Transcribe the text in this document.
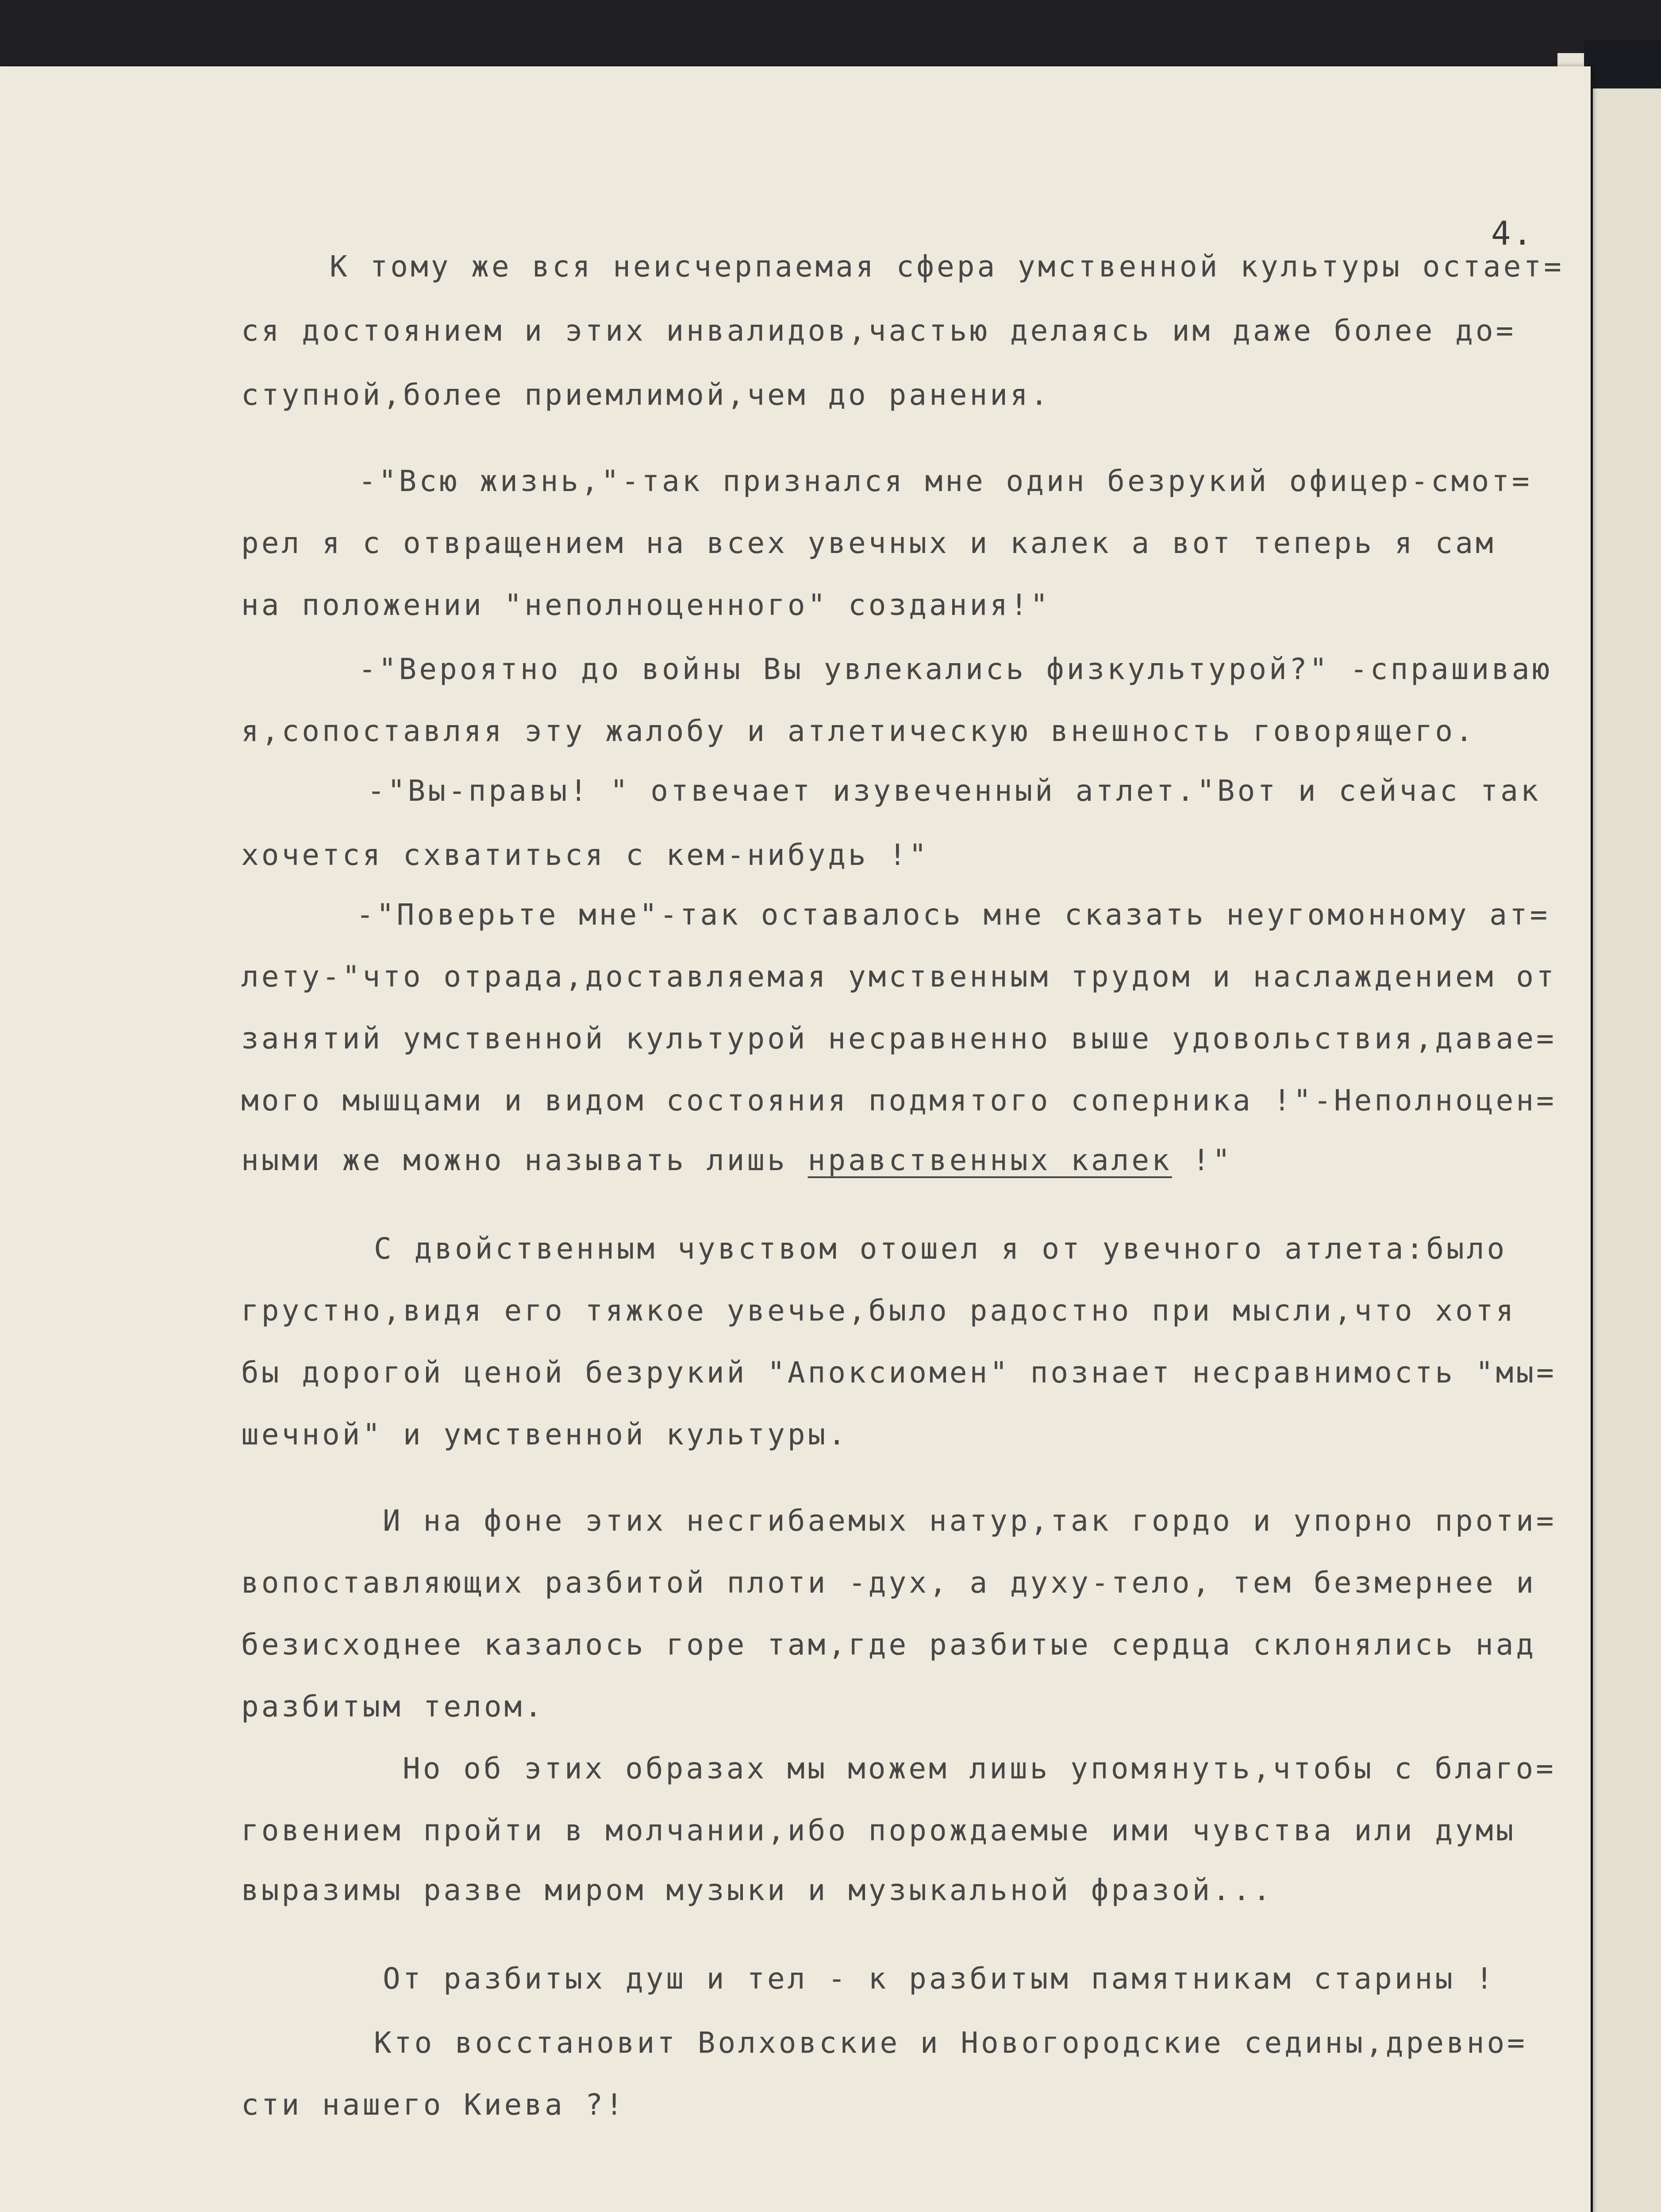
4.
К тому же вся неисчерпаемая сфера умственной культуры остает=
ся достоянием и этих инвалидов,частью делаясь им даже более до=
ступной,более приемлимой,чем до ранения.
-"Всю жизнь,"-так признался мне один безрукий офицер-смот=
рел я с отвращением на всех увечных и калек а вот теперь я сам
на положении "неполноценного" создания!"
-"Вероятно до войны Вы увлекались физкультурой?" -спрашиваю
я,сопоставляя эту жалобу и атлетическую внешность говорящего.
-"Вы-правы! " отвечает изувеченный атлет."Вот и сейчас так
хочется схватиться с кем-нибудь !"
-"Поверьте мне"-так оставалось мне сказать неугомонному ат=
лету-"что отрада,доставляемая умственным трудом и наслаждением от
занятий умственной культурой несравненно выше удовольствия,давае=
мого мышцами и видом состояния подмятого соперника !"-Неполноцен=
ными же можно называть лишь нравственных калек !"
С двойственным чувством отошел я от увечного атлета:было
грустно,видя его тяжкое увечье,было радостно при мысли,что хотя
бы дорогой ценой безрукий "Апоксиомен" познает несравнимость "мы=
шечной" и умственной культуры.
И на фоне этих несгибаемых натур,так гордо и упорно проти=
вопоставляющих разбитой плоти -дух, а духу-тело, тем безмернее и
безисходнее казалось горе там,где разбитые сердца склонялись над
разбитым телом.
Но об этих образах мы можем лишь упомянуть,чтобы с благо=
говением пройти в молчании,ибо порождаемые ими чувства или думы
выразимы разве миром музыки и музыкальной фразой...
От разбитых душ и тел - к разбитым памятникам старины !
Кто восстановит Волховские и Новогородские седины,древно=
сти нашего Киева ?!
